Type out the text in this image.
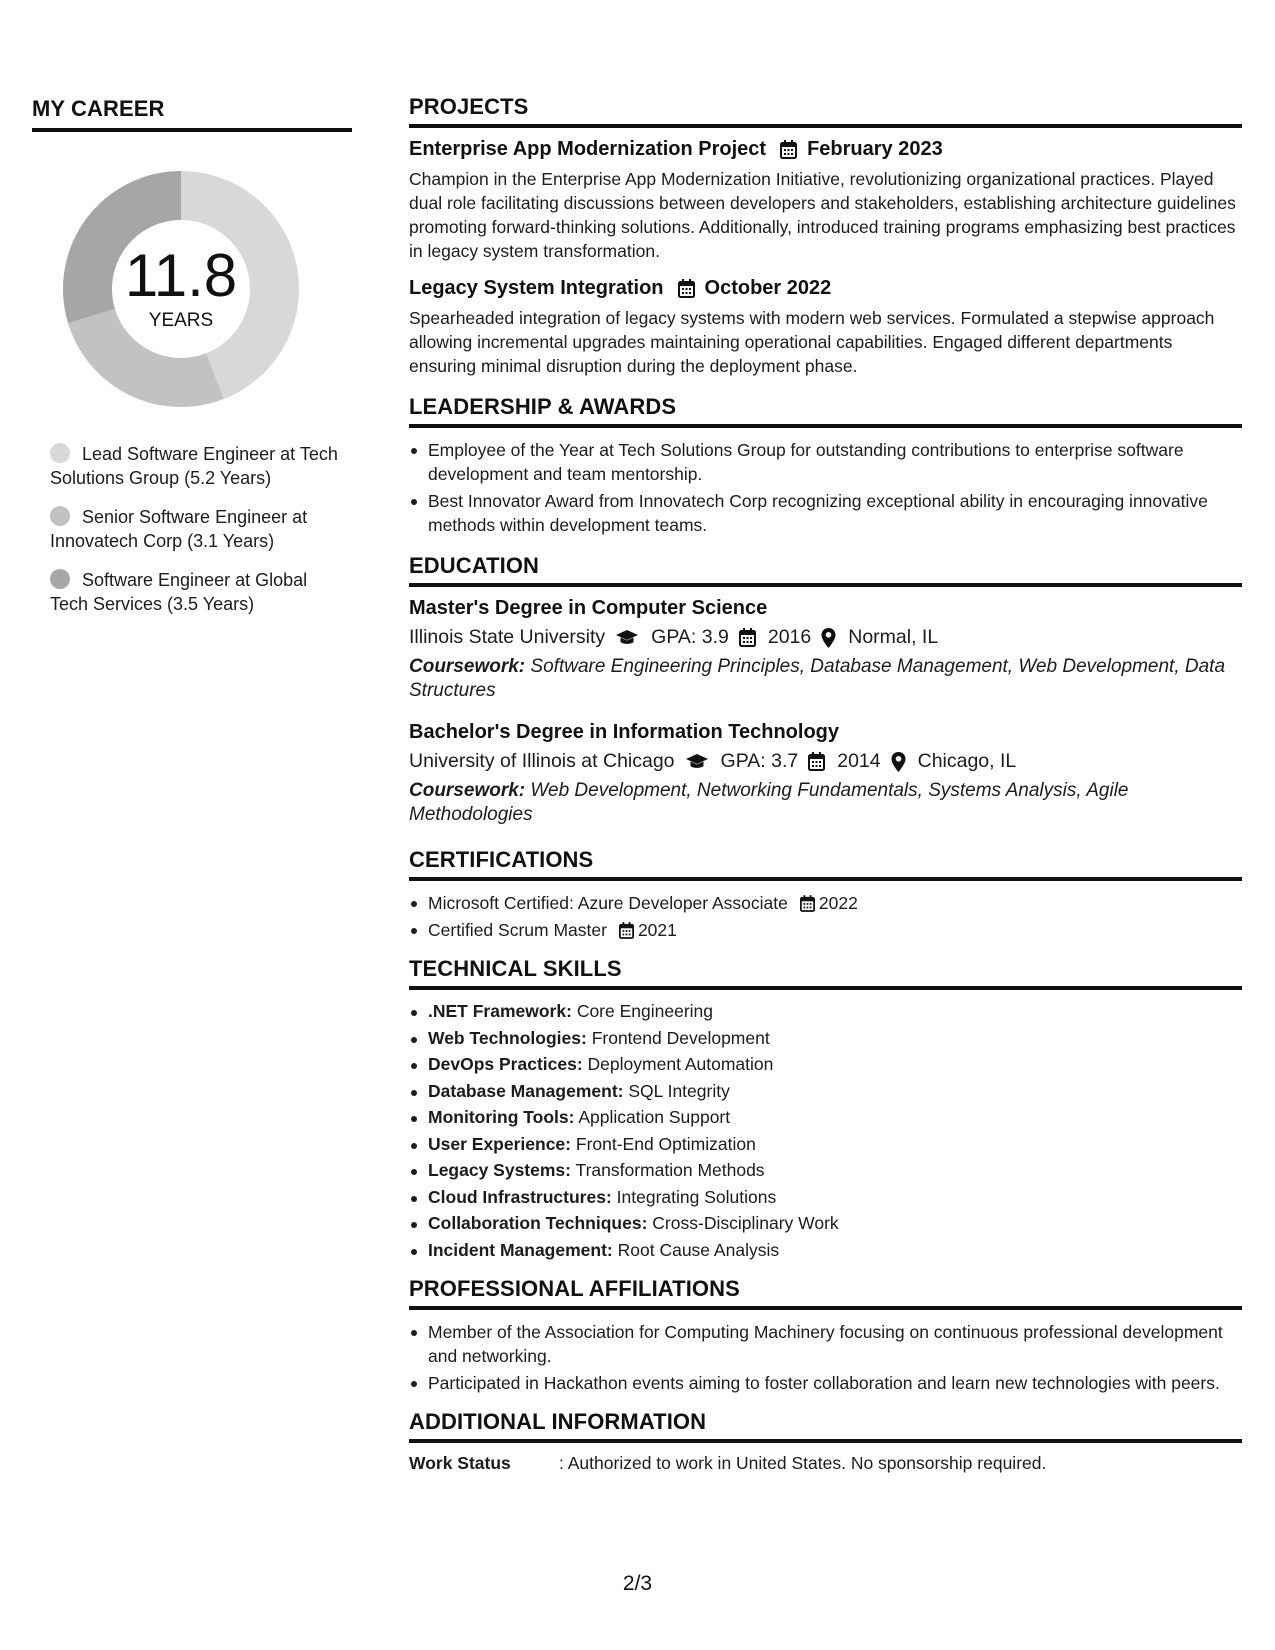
MY CAREER
11.8
YEARS
Lead Software Engineer at Tech Solutions Group (5.2 Years)
Senior Software Engineer at Innovatech Corp (3.1 Years)
Software Engineer at Global Tech Services (3.5 Years)
PROJECTS
Enterprise App Modernization Project February 2023
Champion in the Enterprise App Modernization Initiative, revolutionizing organizational practices. Played dual role facilitating discussions between developers and stakeholders, establishing architecture guidelines promoting forward-thinking solutions. Additionally, introduced training programs emphasizing best practices in legacy system transformation.
Legacy System Integration October 2022
Spearheaded integration of legacy systems with modern web services. Formulated a stepwise approach allowing incremental upgrades maintaining operational capabilities. Engaged different departments ensuring minimal disruption during the deployment phase.
LEADERSHIP & AWARDS
Employee of the Year at Tech Solutions Group for outstanding contributions to enterprise software development and team mentorship.
Best Innovator Award from Innovatech Corp recognizing exceptional ability in encouraging innovative methods within development teams.
EDUCATION
Master's Degree in Computer Science
Illinois State University GPA: 3.9 2016 Normal, IL
Coursework: Software Engineering Principles, Database Management, Web Development, Data Structures
Bachelor's Degree in Information Technology
University of Illinois at Chicago GPA: 3.7 2014 Chicago, IL
Coursework: Web Development, Networking Fundamentals, Systems Analysis, Agile Methodologies
CERTIFICATIONS
Microsoft Certified: Azure Developer Associate 2022
Certified Scrum Master 2021
TECHNICAL SKILLS
.NET Framework: Core Engineering
Web Technologies: Frontend Development
DevOps Practices: Deployment Automation
Database Management: SQL Integrity
Monitoring Tools: Application Support
User Experience: Front-End Optimization
Legacy Systems: Transformation Methods
Cloud Infrastructures: Integrating Solutions
Collaboration Techniques: Cross-Disciplinary Work
Incident Management: Root Cause Analysis
PROFESSIONAL AFFILIATIONS
Member of the Association for Computing Machinery focusing on continuous professional development and networking.
Participated in Hackathon events aiming to foster collaboration and learn new technologies with peers.
ADDITIONAL INFORMATION
Work Status	: Authorized to work in United States. No sponsorship required.
2/3
